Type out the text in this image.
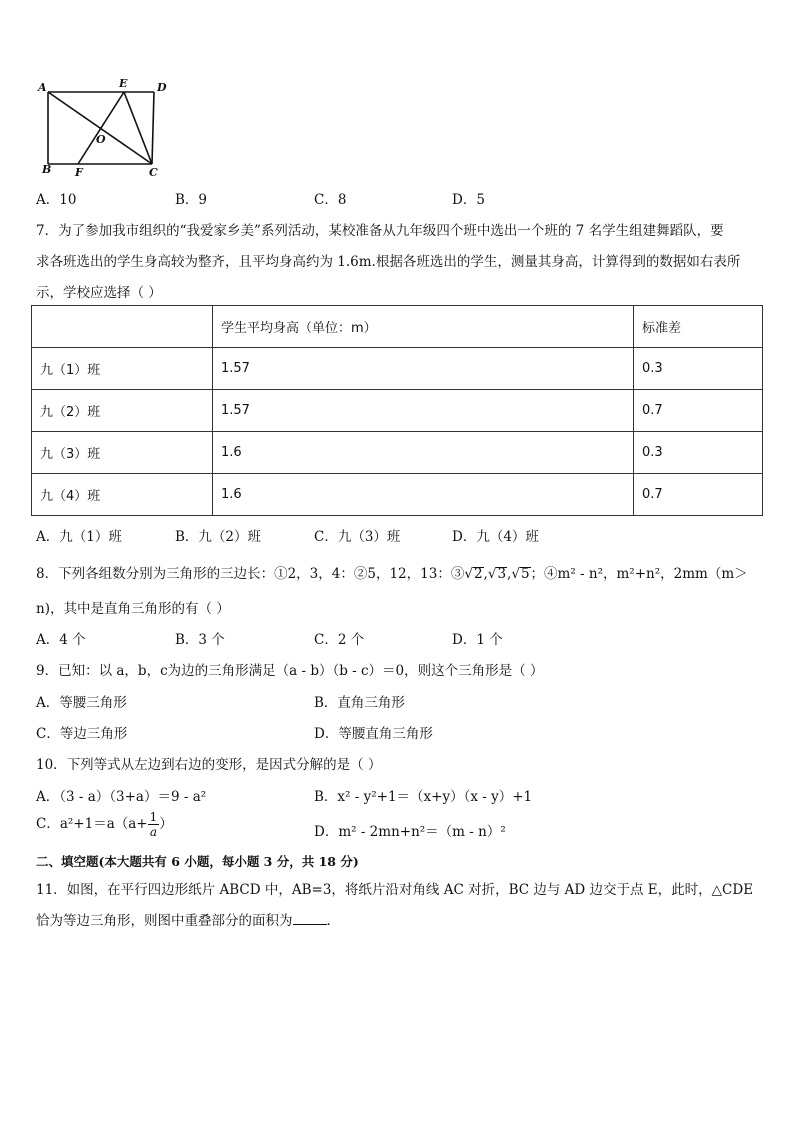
A	E	D
O
B F	C
A．10	B．9	C．8	D．5
7．为了参加我市组织的“我爱家乡美”系列活动，某校准备从九年级四个班中选出一个班的 7 名学生组建舞蹈队，要
求各班选出的学生身高较为整齐，且平均身高约为 1.6m.根据各班选出的学生，测量其身高，计算得到的数据如右表所
示，学校应选择（ ）
	学生平均身高（单位：m）	标准差
九（1）班	1.57	0.3
九（2）班	1.57	0.7
九（3）班	1.6	0.3
九（4）班	1.6	0.7
A．九（1）班	B．九（2）班	C．九（3）班	D．九（4）班
8．下列各组数分别为三角形的三边长：①2，3，4：②5，12，13：③√2,√3,√5；④m² - n²，m²+n²，2mm（m＞
n)，其中是直角三角形的有（ ）
A．4 个	B．3 个	C．2 个	D．1 个
9．已知：以 a，b，c为边的三角形满足（a - b）（b - c）＝0，则这个三角形是（ ）
A．等腰三角形	B．直角三角形
C．等边三角形	D．等腰直角三角形
10．下列等式从左边到右边的变形，是因式分解的是（ ）
A．（3 - a）（3+a）＝9 - a²	B．x² - y²+1＝（x+y）（x - y）+1
C．$a^2+1=a(a+ \frac{1}{a}$ ）	D．m² - 2mn+n²＝（m - n）²
二、填空题(本大题共有 6 小题，每小题 3 分，共 18 分)
11．如图，在平行四边形纸片 ABCD 中，AB=3，将纸片沿对角线 AC 对折，BC 边与 AD 边交于点 E，此时，△CDE
恰为等边三角形，则图中重叠部分的面积为	．
